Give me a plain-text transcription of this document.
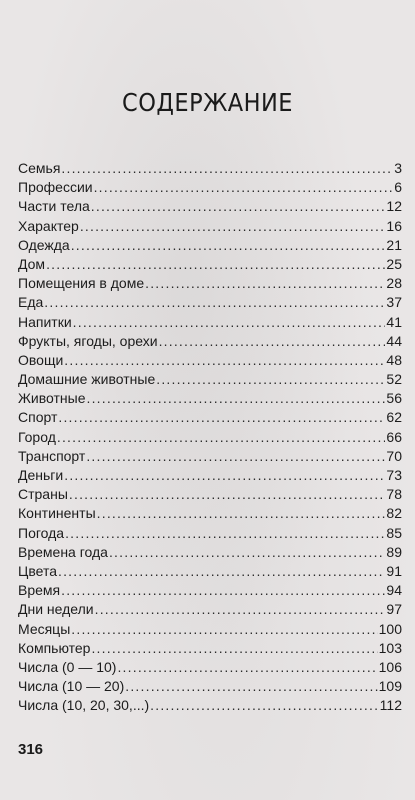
СОДЕРЖАНИЕ
Семья .....	3
Профессии .....	6
Части тела .....	12
Характер .....	16
Одежда .....	21
Дом .....	25
Помещения в доме .....	28
Еда .....	37
Напитки .....	41
Фрукты, ягоды, орехи .....	44
Овощи .....	48
Домашние животные .....	52
Животные .....	56
Спорт .....	62
Город .....	66
Транспорт .....	70
Деньги .....	73
Страны .....	78
Континенты .....	82
Погода .....	85
Времена года .....	89
Цвета .....	91
Время .....	94
Дни недели .....	97
Месяцы .....	100
Компьютер .....	103
Числа (0 — 10) .....	106
Числа (10 — 20) .....	109
Числа (10, 20, 30,...) .....	112
316
